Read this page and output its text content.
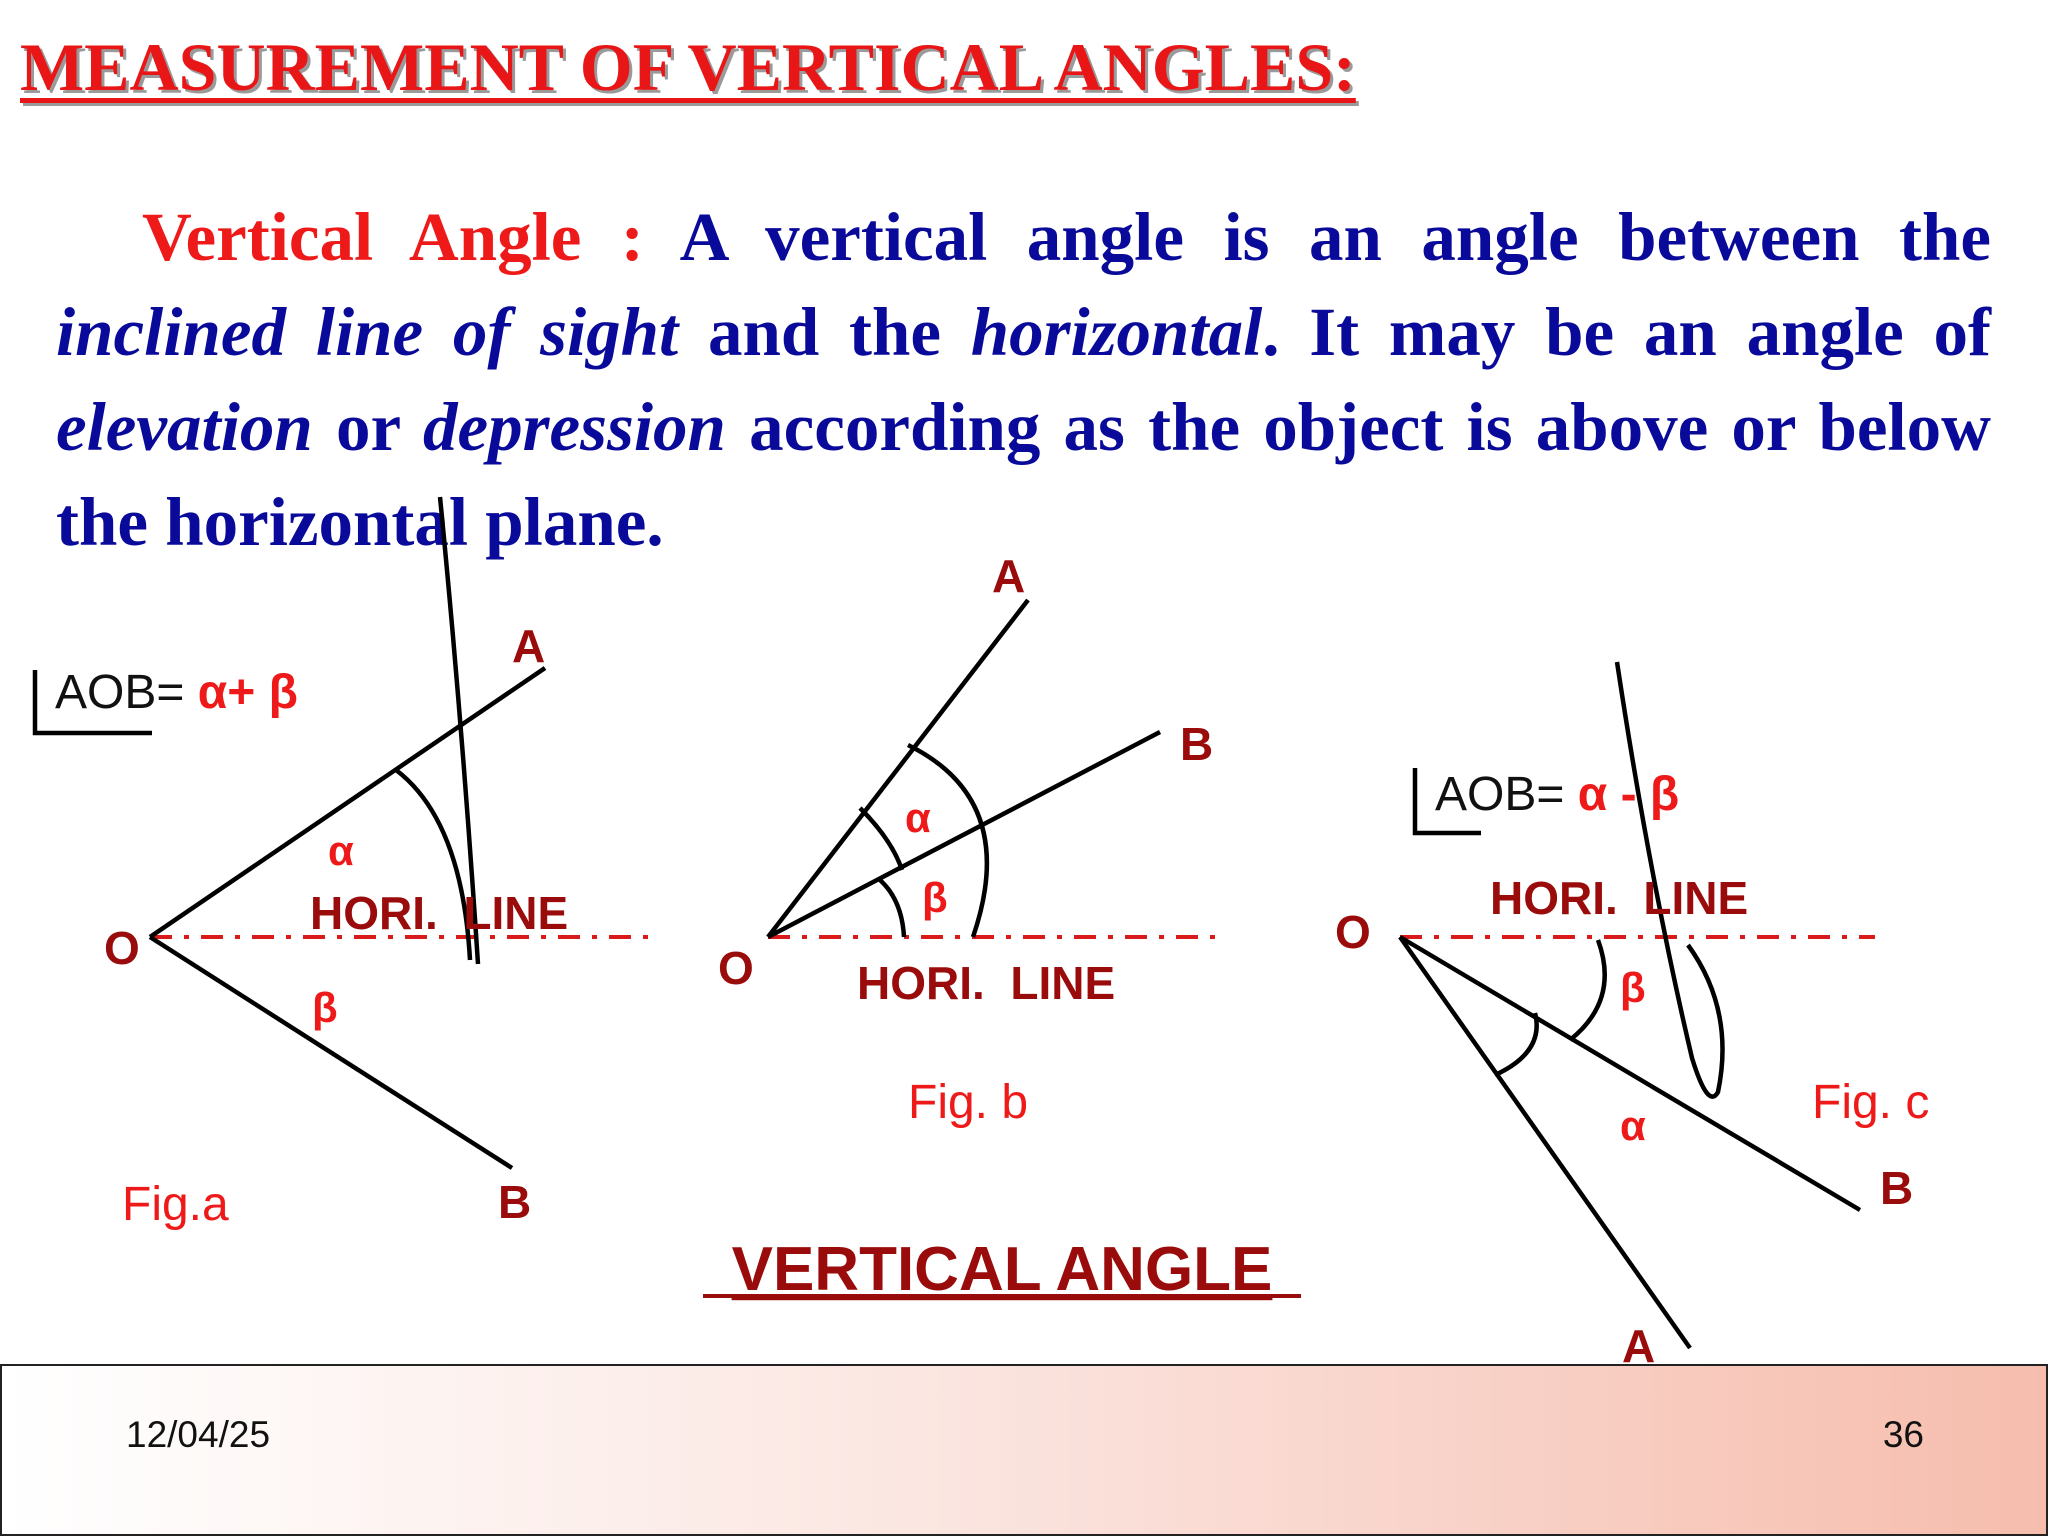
MEASUREMENT OF VERTICAL ANGLES:

Vertical Angle : A vertical angle is an angle between the inclined line of sight and the horizontal. It may be an angle of elevation or depression according as the object is above or below the horizontal plane.

AOB= α+ β
A
B
O
α
β
HORI.  LINE
Fig.a
A
B
O
α
β
HORI.  LINE
Fig. b
AOB= α - β
A
B
O
α
β
HORI.  LINE
Fig. c
VERTICAL ANGLE
12/04/25	36
